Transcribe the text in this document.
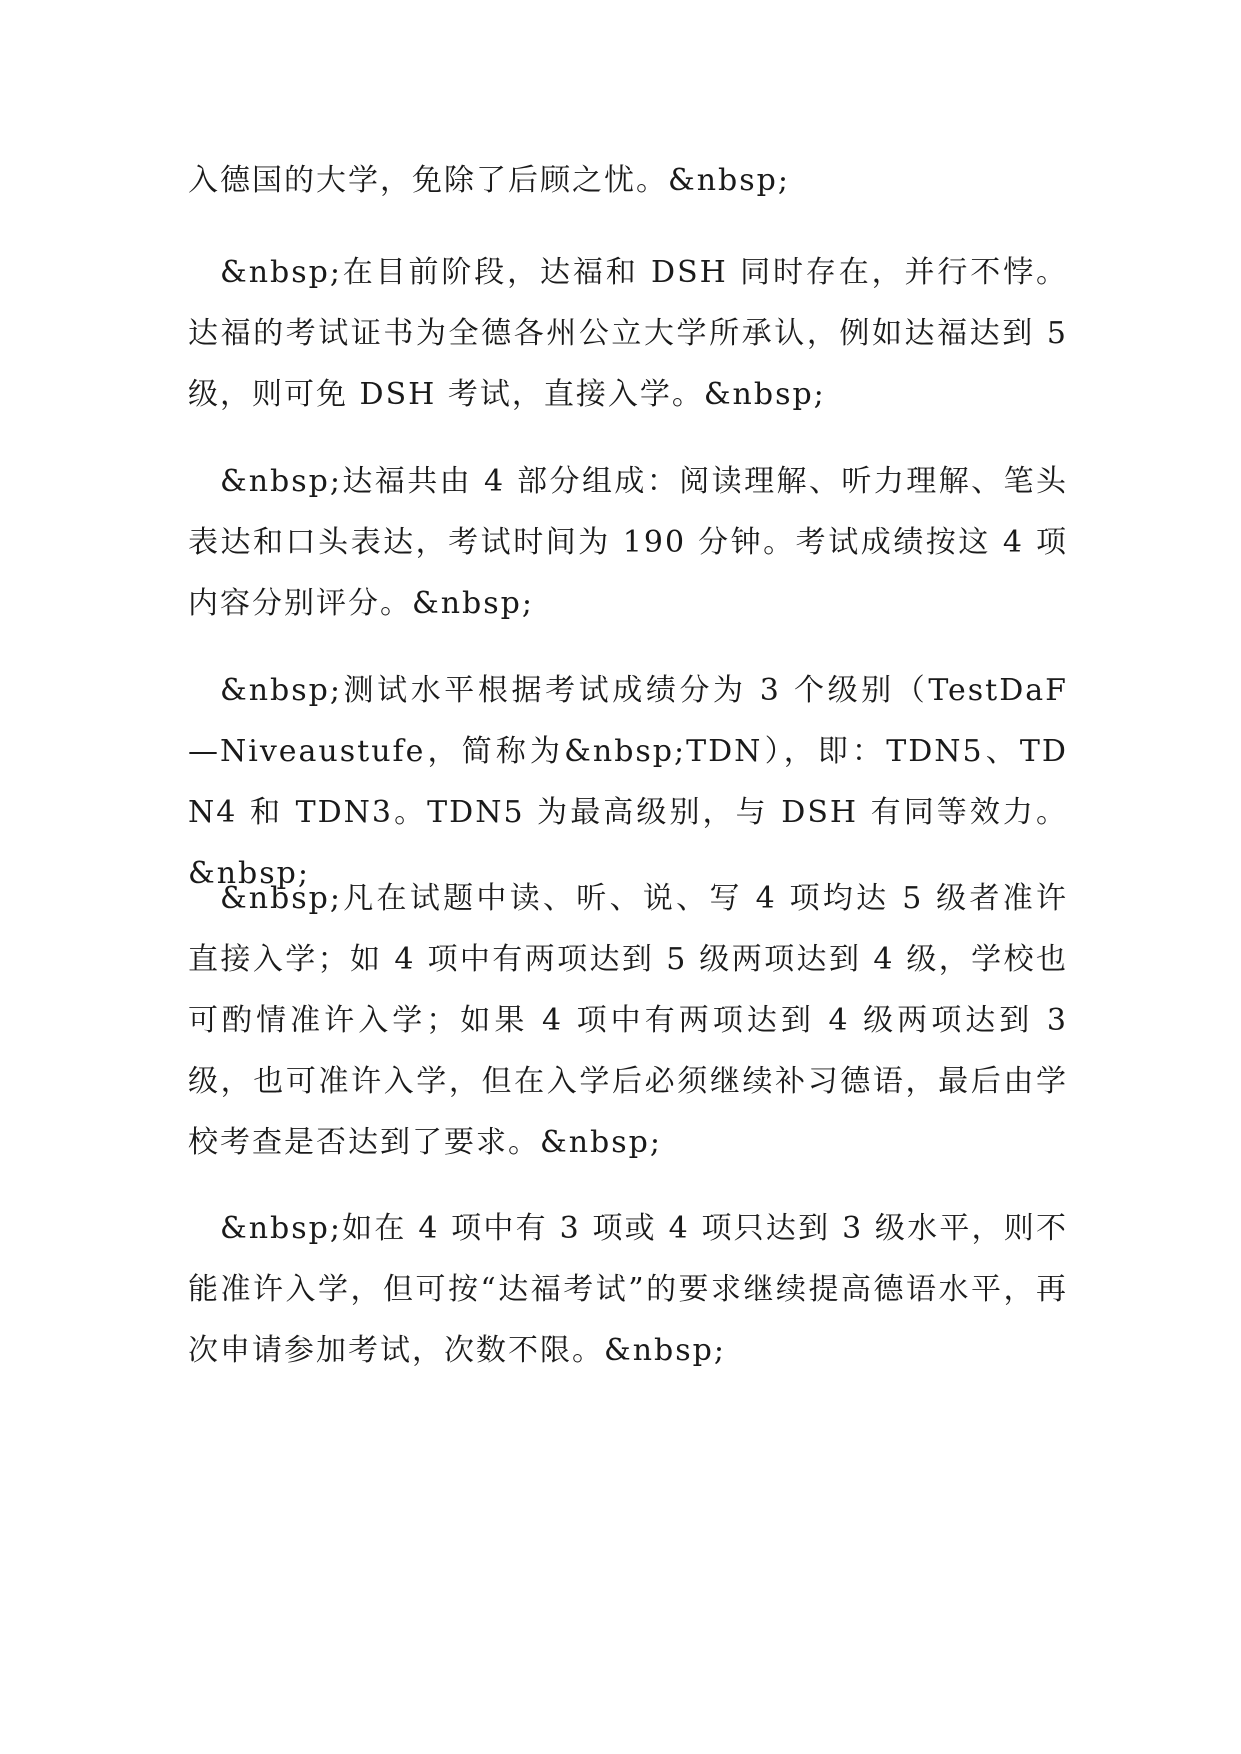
入德国的大学，免除了后顾之忧。&nbsp;

&nbsp;在目前阶段，达福和 DSH 同时存在，并行不悖。达福的考试证书为全德各州公立大学所承认，例如达福达到 5 级，则可免 DSH 考试，直接入学。&nbsp;

&nbsp;达福共由 4 部分组成：阅读理解、听力理解、笔头表达和口头表达，考试时间为 190 分钟。考试成绩按这 4 项内容分别评分。&nbsp;

&nbsp;测试水平根据考试成绩分为 3 个级别（TestDaF—Niveaustufe，简称为&nbsp;TDN），即：TDN5、TDN4 和 TDN3。TDN5 为最高级别，与 DSH 有同等效力。&nbsp;

&nbsp;凡在试题中读、听、说、写 4 项均达 5 级者准许直接入学；如 4 项中有两项达到 5 级两项达到 4 级，学校也可酌情准许入学；如果 4 项中有两项达到 4 级两项达到 3 级，也可准许入学，但在入学后必须继续补习德语，最后由学校考查是否达到了要求。&nbsp;

&nbsp;如在 4 项中有 3 项或 4 项只达到 3 级水平，则不能准许入学，但可按“达福考试”的要求继续提高德语水平，再次申请参加考试，次数不限。&nbsp;
